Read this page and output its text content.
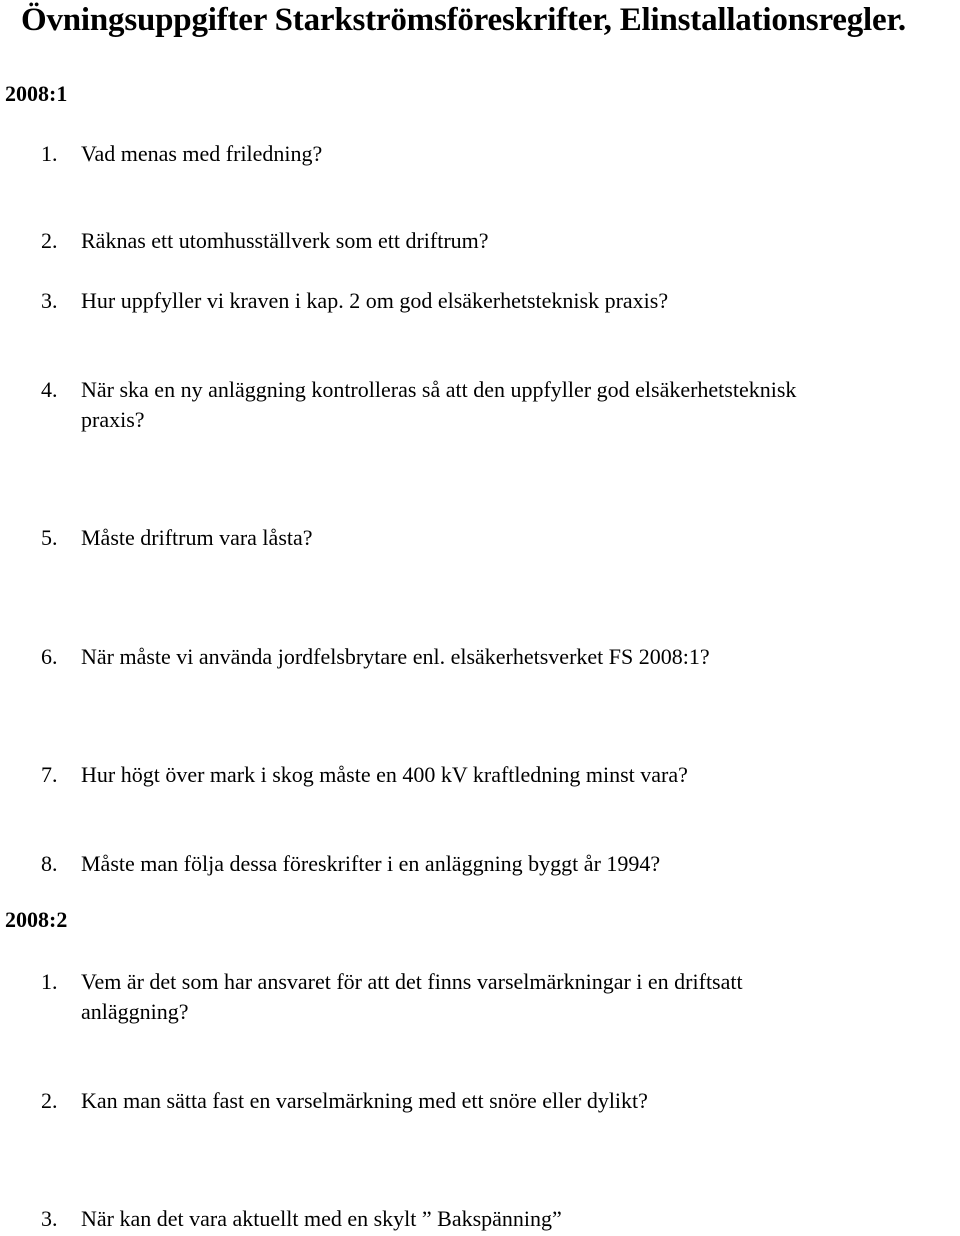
Övningsuppgifter Starkströmsföreskrifter, Elinstallationsregler.
2008:1
1. Vad menas med friledning?
2. Räknas ett utomhusställverk som ett driftrum?
3. Hur uppfyller vi kraven i kap. 2 om god elsäkerhetsteknisk praxis?
4. När ska en ny anläggning kontrolleras så att den uppfyller god elsäkerhetsteknisk
praxis?
5. Måste driftrum vara låsta?
6. När måste vi använda jordfelsbrytare enl. elsäkerhetsverket FS 2008:1?
7. Hur högt över mark i skog måste en 400 kV kraftledning minst vara?
8. Måste man följa dessa föreskrifter i en anläggning byggt år 1994?
2008:2
1. Vem är det som har ansvaret för att det finns varselmärkningar i en driftsatt
anläggning?
2. Kan man sätta fast en varselmärkning med ett snöre eller dylikt?
3. När kan det vara aktuellt med en skylt ” Bakspänning”
